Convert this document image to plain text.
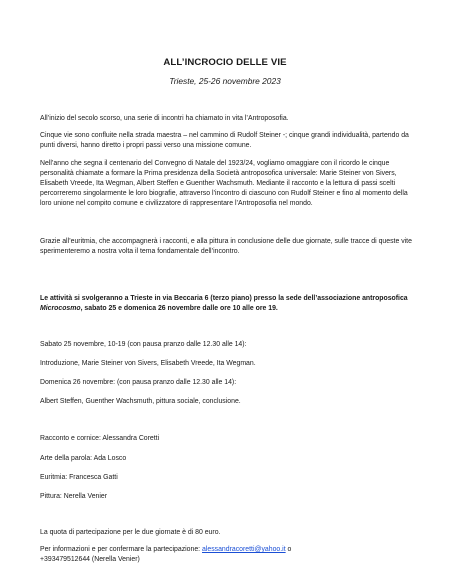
ALL’INCROCIO DELLE VIE
Trieste, 25-26 novembre 2023

All’inizio del secolo scorso, una serie di incontri ha chiamato in vita l’Antroposofia.

Cinque vie sono confluite nella strada maestra – nel cammino di Rudolf Steiner -; cinque grandi individualità, partendo da punti diversi, hanno diretto i propri passi verso una missione comune.

Nell’anno che segna il centenario del Convegno di Natale del 1923/24, vogliamo omaggiare con il ricordo le cinque personalità chiamate a formare la Prima presidenza della Società antroposofica universale: Marie Steiner von Sivers, Elisabeth Vreede, Ita Wegman, Albert Steffen e Guenther Wachsmuth. Mediante il racconto e la lettura di passi scelti percorreremo singolarmente le loro biografie, attraverso l’incontro di ciascuno con Rudolf Steiner e fino al momento della loro unione nel compito comune e civilizzatore di rappresentare l’Antroposofia nel mondo.

Grazie all’euritmia, che accompagnerà i racconti, e alla pittura in conclusione delle due giornate, sulle tracce di queste vite sperimenteremo a nostra volta il tema fondamentale dell’incontro.

Le attività si svolgeranno a Trieste in via Beccaria 6 (terzo piano) presso la sede dell’associazione antroposofica Microcosmo, sabato 25 e domenica 26 novembre dalle ore 10 alle ore 19.

Sabato 25 novembre, 10-19 (con pausa pranzo dalle 12.30 alle 14):

Introduzione, Marie Steiner von Sivers, Elisabeth Vreede, Ita Wegman.

Domenica 26 novembre: (con pausa pranzo dalle 12.30 alle 14):

Albert Steffen, Guenther Wachsmuth, pittura sociale, conclusione.

Racconto e cornice: Alessandra Coretti

Arte della parola: Ada Losco

Euritmia: Francesca Gatti

Pittura: Nerella Venier

La quota di partecipazione per le due giornate è di 80 euro.

Per informazioni e per confermare la partecipazione: alessandracoretti@yahoo.it o
+393479512644 (Nerella Venier)
